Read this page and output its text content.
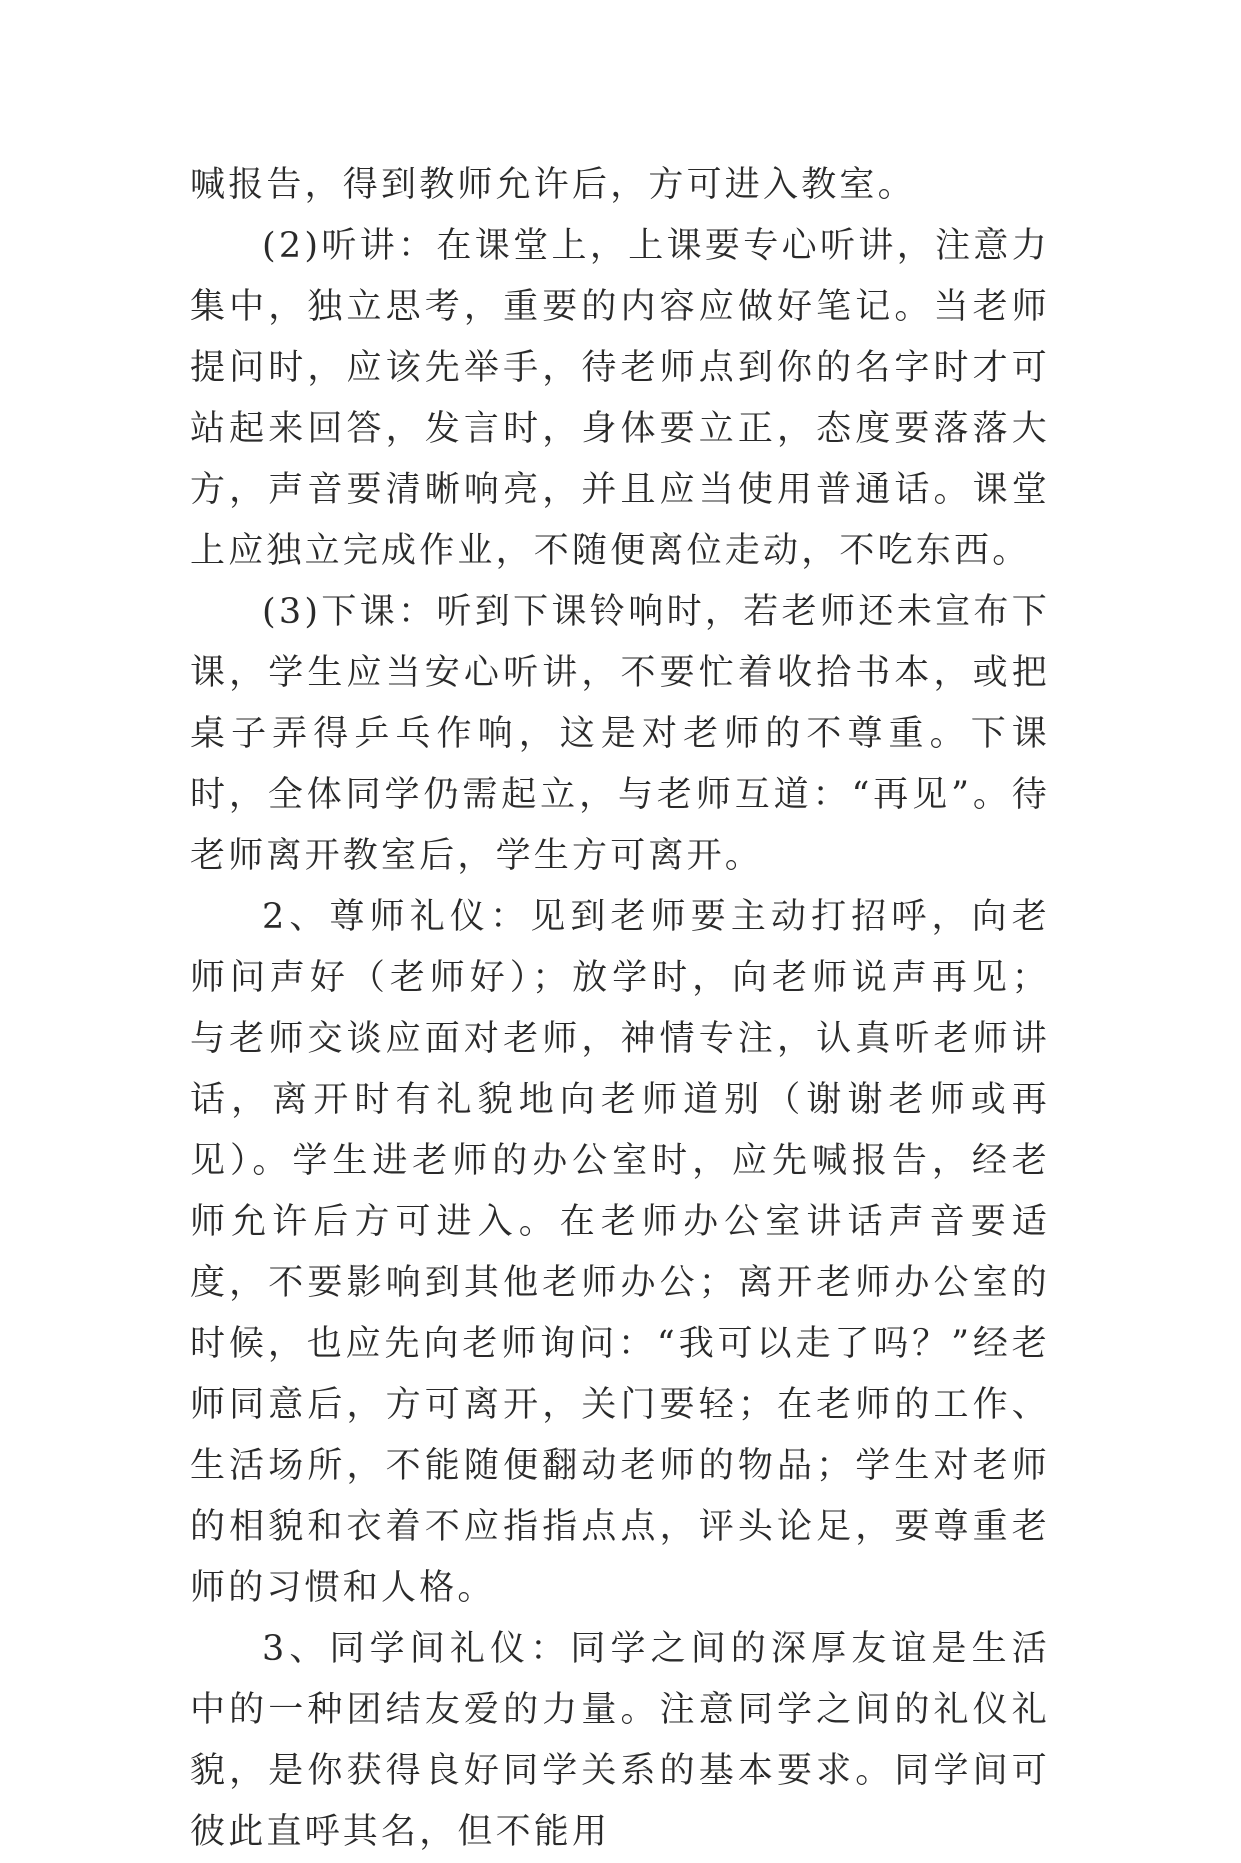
喊报告，得到教师允许后，方可进入教室。

(2)听讲：在课堂上，上课要专心听讲，注意力集中，独立思考，重要的内容应做好笔记。当老师提问时，应该先举手，待老师点到你的名字时才可站起来回答，发言时，身体要立正，态度要落落大方，声音要清晰响亮，并且应当使用普通话。课堂上应独立完成作业，不随便离位走动，不吃东西。

(3)下课：听到下课铃响时，若老师还未宣布下课，学生应当安心听讲，不要忙着收拾书本，或把桌子弄得乒乓作响，这是对老师的不尊重。下课时，全体同学仍需起立，与老师互道：“再见”。待老师离开教室后，学生方可离开。

2、尊师礼仪：见到老师要主动打招呼，向老师问声好（老师好）；放学时，向老师说声再见；与老师交谈应面对老师，神情专注，认真听老师讲话，离开时有礼貌地向老师道别（谢谢老师或再见）。学生进老师的办公室时，应先喊报告，经老师允许后方可进入。在老师办公室讲话声音要适度，不要影响到其他老师办公；离开老师办公室的时候，也应先向老师询问：“我可以走了吗？”经老师同意后，方可离开，关门要轻；在老师的工作、生活场所，不能随便翻动老师的物品；学生对老师的相貌和衣着不应指指点点，评头论足，要尊重老师的习惯和人格。

3、同学间礼仪：同学之间的深厚友谊是生活中的一种团结友爱的力量。注意同学之间的礼仪礼貌，是你获得良好同学关系的基本要求。同学间可彼此直呼其名，但不能用
